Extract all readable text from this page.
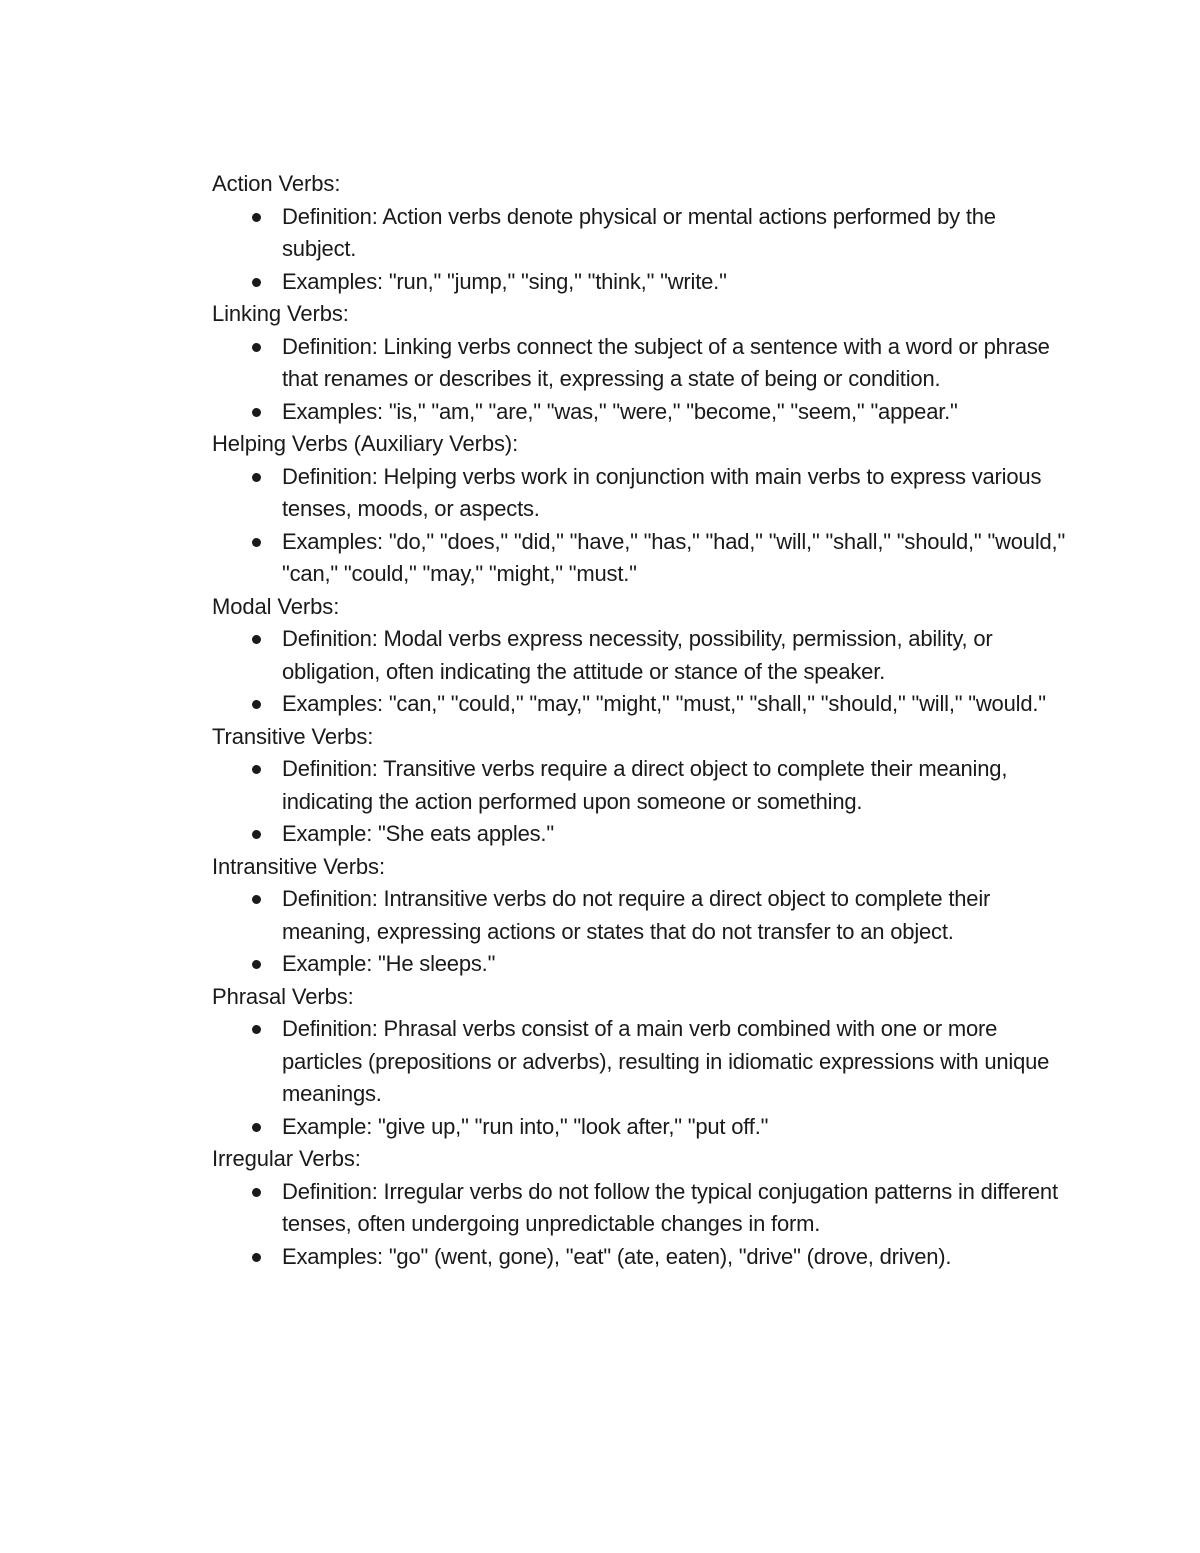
Action Verbs:

Definition: Action verbs denote physical or mental actions performed by the subject.
Examples: "run," "jump," "sing," "think," "write."

Linking Verbs:

Definition: Linking verbs connect the subject of a sentence with a word or phrase that renames or describes it, expressing a state of being or condition.
Examples: "is," "am," "are," "was," "were," "become," "seem," "appear."

Helping Verbs (Auxiliary Verbs):

Definition: Helping verbs work in conjunction with main verbs to express various tenses, moods, or aspects.
Examples: "do," "does," "did," "have," "has," "had," "will," "shall," "should," "would," "can," "could," "may," "might," "must."

Modal Verbs:

Definition: Modal verbs express necessity, possibility, permission, ability, or obligation, often indicating the attitude or stance of the speaker.
Examples: "can," "could," "may," "might," "must," "shall," "should," "will," "would."

Transitive Verbs:

Definition: Transitive verbs require a direct object to complete their meaning, indicating the action performed upon someone or something.
Example: "She eats apples."

Intransitive Verbs:

Definition: Intransitive verbs do not require a direct object to complete their meaning, expressing actions or states that do not transfer to an object.
Example: "He sleeps."

Phrasal Verbs:

Definition: Phrasal verbs consist of a main verb combined with one or more particles (prepositions or adverbs), resulting in idiomatic expressions with unique meanings.
Example: "give up," "run into," "look after," "put off."

Irregular Verbs:

Definition: Irregular verbs do not follow the typical conjugation patterns in different tenses, often undergoing unpredictable changes in form.
Examples: "go" (went, gone), "eat" (ate, eaten), "drive" (drove, driven).
